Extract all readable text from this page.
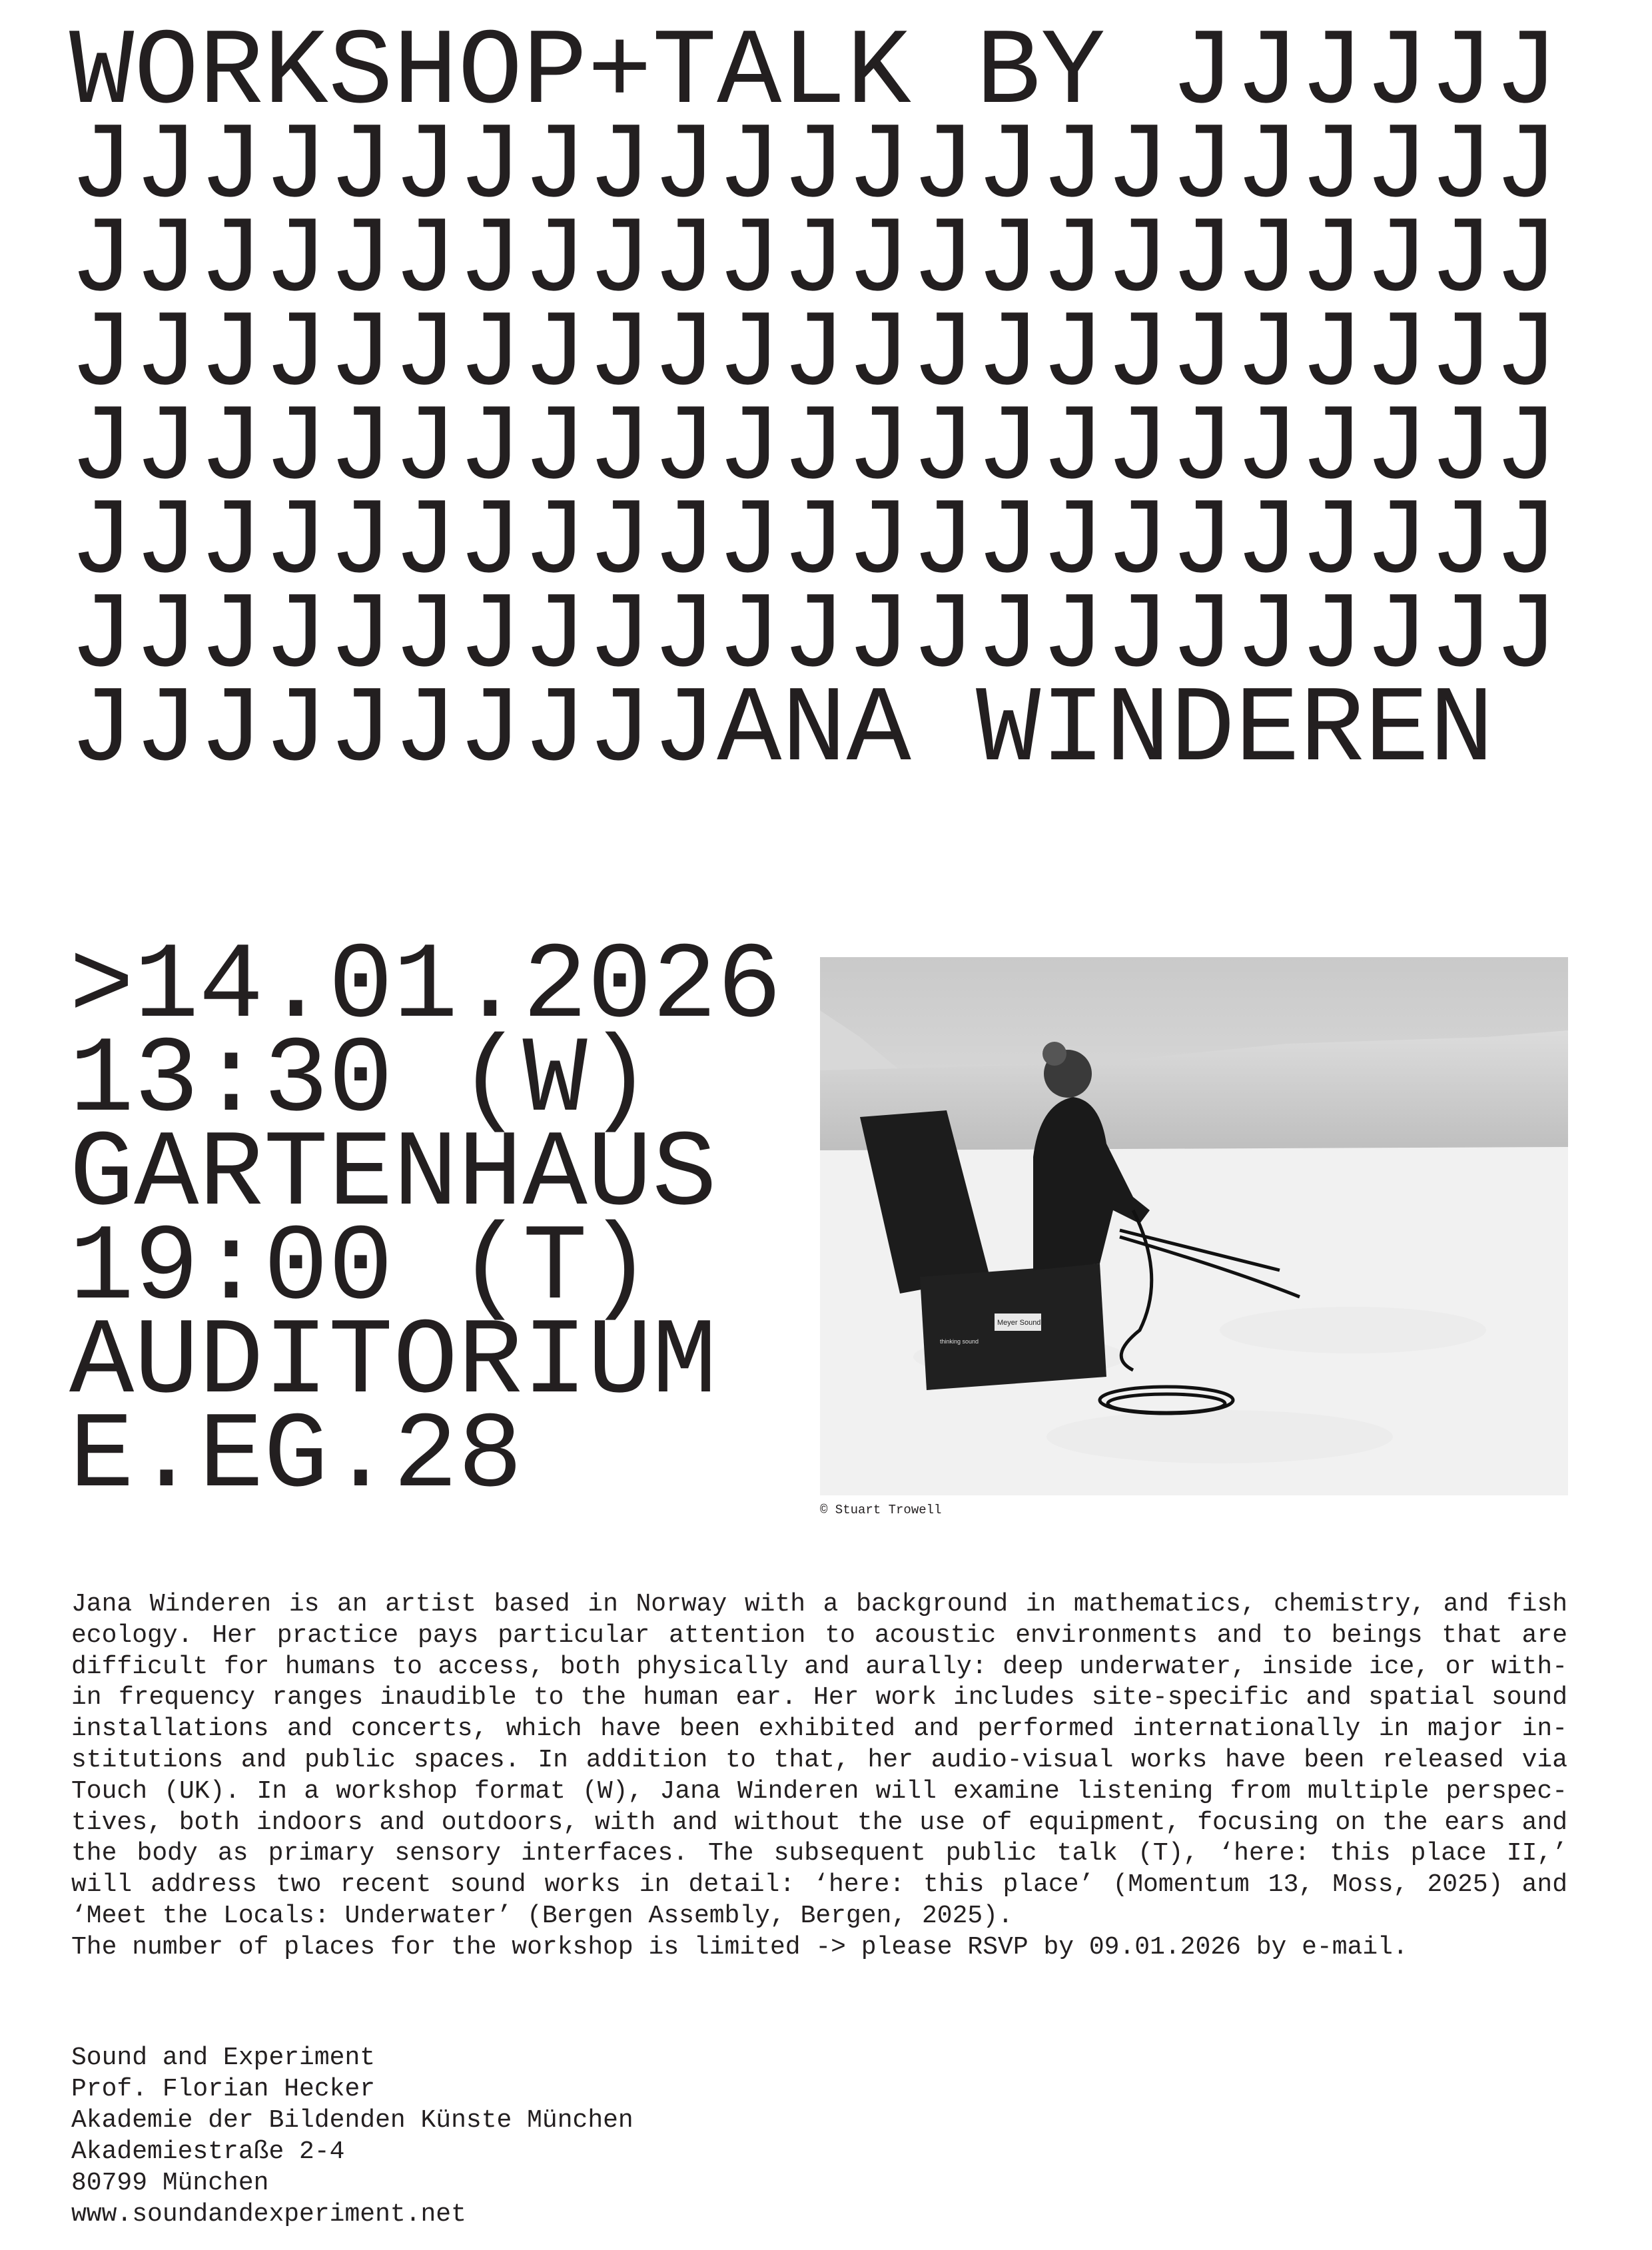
WORKSHOP+TALK BY JJJJJJ
JJJJJJJJJJJJJJJJJJJJJJJ
JJJJJJJJJJJJJJJJJJJJJJJ
JJJJJJJJJJJJJJJJJJJJJJJ
JJJJJJJJJJJJJJJJJJJJJJJ
JJJJJJJJJJJJJJJJJJJJJJJ
JJJJJJJJJJJJJJJJJJJJJJJ
JJJJJJJJJJANA WINDEREN
>14.01.2026
13:30 (W)
GARTENHAUS
19:00 (T)
AUDITORIUM
E.EG.28
Meyer Sound
thinking sound
© Stuart Trowell
Jana Winderen is an artist based in Norway with a background in mathematics, chemistry, and fish
ecology. Her practice pays particular attention to acoustic environments and to beings that are
difficult for humans to access, both physically and aurally: deep underwater, inside ice, or with-
in frequency ranges inaudible to the human ear. Her work includes site-specific and spatial sound
installations and concerts, which have been exhibited and performed internationally in major in-
stitutions and public spaces. In addition to that, her audio-visual works have been released via
Touch (UK). In a workshop format (W), Jana Winderen will examine listening from multiple perspec-
tives, both indoors and outdoors, with and without the use of equipment, focusing on the ears and
the body as primary sensory interfaces. The subsequent public talk (T), ‘here: this place II,’
will address two recent sound works in detail: ‘here: this place’ (Momentum 13, Moss, 2025) and
‘Meet the Locals: Underwater’ (Bergen Assembly, Bergen, 2025).
The number of places for the workshop is limited -> please RSVP by 09.01.2026 by e-mail.
Sound and Experiment
Prof. Florian Hecker
Akademie der Bildenden Künste München
Akademiestraße 2-4
80799 München
www.soundandexperiment.net
